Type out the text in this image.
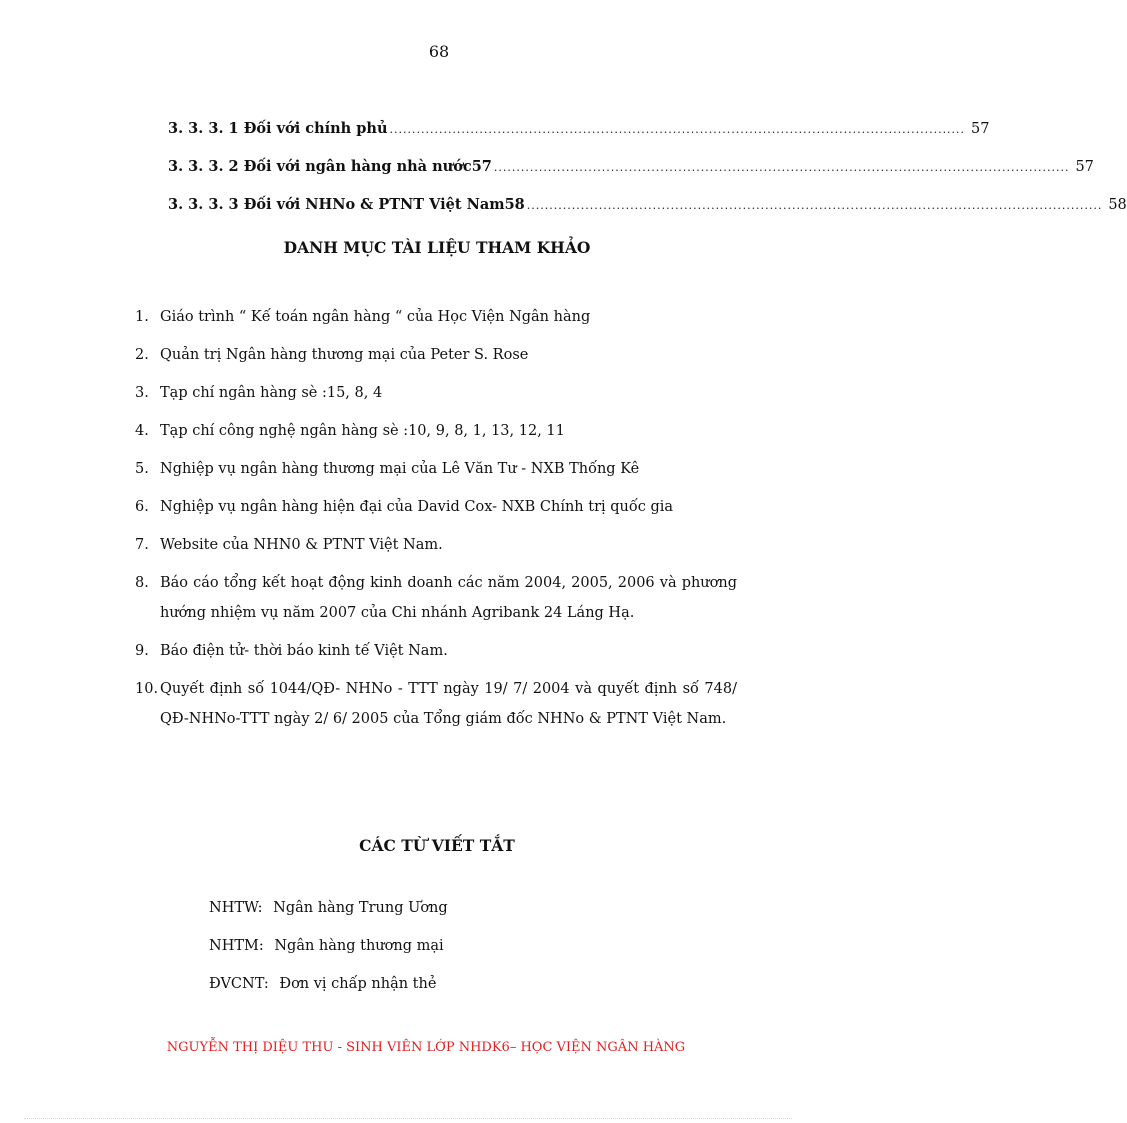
68
3. 3. 3. 1 Đối với chính phủ ................................................................................................................................ 57
3. 3. 3. 2 Đối với ngân hàng nhà nước57 ................................................................................................................................ 57
3. 3. 3. 3 Đối với NHNo & PTNT Việt Nam58 ................................................................................................................................ 58
DANH MỤC TÀI LIỆU THAM KHẢO
1. Giáo trình “ Kế toán ngân hàng “ của Học Viện Ngân hàng
2. Quản trị Ngân hàng thương mại của Peter S. Rose
3. Tạp chí ngân hàng sè :15, 8, 4
4. Tạp chí công nghệ ngân hàng sè :10, 9, 8, 1, 13, 12, 11
5. Nghiệp vụ ngân hàng thương mại của Lê Văn Tư - NXB Thống Kê
6. Nghiệp vụ ngân hàng hiện đại của David Cox- NXB Chính trị quốc gia
7. Website của NHN0 & PTNT Việt Nam.
8. Báo cáo tổng kết hoạt động kinh doanh các năm 2004, 2005, 2006 và phương hướng nhiệm vụ năm 2007 của Chi nhánh Agribank 24 Láng Hạ.
9. Báo điện tử- thời báo kinh tế Việt Nam.
10. Quyết định số 1044/QĐ- NHNo - TTT ngày 19/ 7/ 2004 và quyết định số 748/ QĐ-NHNo-TTT ngày 2/ 6/ 2005 của Tổng giám đốc NHNo & PTNT Việt Nam.
CÁC TỪ VIẾT TẮT
NHTW: Ngân hàng Trung Ương
NHTM: Ngân hàng thương mại
ĐVCNT: Đơn vị chấp nhận thẻ
NGUYỄN THỊ DIỆU THU - SINH VIÊN LỚP NHDK6– HỌC VIỆN NGÂN HÀNG
